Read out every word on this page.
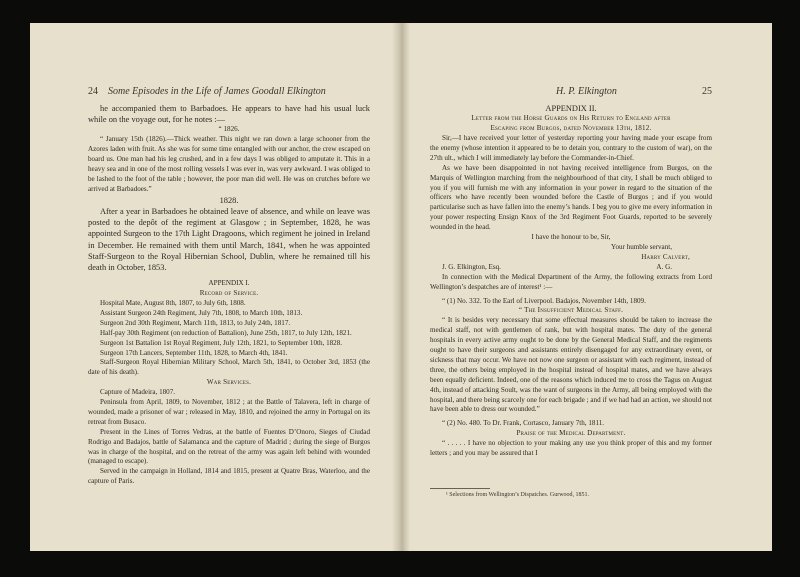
24 Some Episodes in the Life of James Goodall Elkington

he accompanied them to Barbadoes. He appears to have had his usual luck while on the voyage out, for he notes :—

“ 1826.

“ January 15th (1826).—Thick weather. This night we ran down a large schooner from the Azores laden with fruit. As she was for some time entangled with our anchor, the crew escaped on board us. One man had his leg crushed, and in a few days I was obliged to amputate it. This in a heavy sea and in one of the most rolling vessels I was ever in, was very awkward. I was obliged to be lashed to the foot of the table ; however, the poor man did well. He was on crutches before we arrived at Barbadoes.”

1828.

After a year in Barbadoes he obtained leave of absence, and while on leave was posted to the depôt of the regiment at Glasgow ; in September, 1828, he was appointed Surgeon to the 17th Light Dragoons, which regiment he joined in Ireland in December. He remained with them until March, 1841, when he was appointed Staff-Surgeon to the Royal Hibernian School, Dublin, where he remained till his death in October, 1853.

APPENDIX I.

Record of Service.

Hospital Mate, August 8th, 1807, to July 6th, 1808.

Assistant Surgeon 24th Regiment, July 7th, 1808, to March 10th, 1813.

Surgeon 2nd 30th Regiment, March 11th, 1813, to July 24th, 1817.

Half-pay 30th Regiment (on reduction of Battalion), June 25th, 1817, to July 12th, 1821.

Surgeon 1st Battalion 1st Royal Regiment, July 12th, 1821, to September 10th, 1828.

Surgeon 17th Lancers, September 11th, 1828, to March 4th, 1841.

Staff-Surgeon Royal Hibernian Military School, March 5th, 1841, to October 3rd, 1853 (the date of his death).

War Services.

Capture of Madeira, 1807.

Peninsula from April, 1809, to November, 1812 ; at the Battle of Talavera, left in charge of wounded, made a prisoner of war ; released in May, 1810, and rejoined the army in Portugal on its retreat from Busaco.

Present in the Lines of Torres Vedras, at the battle of Fuentes D’Onoro, Sieges of Ciudad Rodrigo and Badajos, battle of Salamanca and the capture of Madrid ; during the siege of Burgos was in charge of the hospital, and on the retreat of the army was again left behind with wounded (managed to escape).

Served in the campaign in Holland, 1814 and 1815, present at Quatre Bras, Waterloo, and the capture of Paris.

H. P. Elkington	25

APPENDIX II.

Letter from the Horse Guards on His Return to England after

Escaping from Burgos, dated November 13th, 1812.

Sir,—I have received your letter of yesterday reporting your having made your escape from the enemy (whose intention it appeared to be to detain you, contrary to the custom of war), on the 27th ult., which I will immediately lay before the Commander-in-Chief.

As we have been disappointed in not having received intelligence from Burgos, on the Marquis of Wellington marching from the neighbourhood of that city, I shall be much obliged to you if you will furnish me with any information in your power in regard to the situation of the officers who have recently been wounded before the Castle of Burgos ; and if you would particularise such as have fallen into the enemy’s hands. I beg you to give me every information in your power respecting Ensign Knox of the 3rd Regiment Foot Guards, reported to be severely wounded in the head.

I have the honour to be, Sir,

Your humble servant,

Harry Calvert,

J. G. Elkington, Esq.	A. G.

In connection with the Medical Department of the Army, the following extracts from Lord Wellington’s despatches are of interest¹ :—

“ (1) No. 332. To the Earl of Liverpool. Badajos, November 14th, 1809.

“ The Insufficient Medical Staff.

“ It is besides very necessary that some effectual measures should be taken to increase the medical staff, not with gentlemen of rank, but with hospital mates. The duty of the general hospitals in every active army ought to be done by the General Medical Staff, and the regiments ought to have their surgeons and assistants entirely disengaged for any extraordinary event, or sickness that may occur. We have not now one surgeon or assistant with each regiment, instead of three, the others being employed in the hospital instead of hospital mates, and we have always been equally deficient. Indeed, one of the reasons which induced me to cross the Tagus on August 4th, instead of attacking Soult, was the want of surgeons in the Army, all being employed with the hospital, and there being scarcely one for each brigade ; and if we had had an action, we should not have been able to dress our wounded.”

“ (2) No. 480. To Dr. Frank, Cortasco, January 7th, 1811.

Praise of the Medical Department.

“ . . . . . I have no objection to your making any use you think proper of this and my former letters ; and you may be assured that I

¹ Selections from Wellington’s Dispatches. Gurwood, 1851.
